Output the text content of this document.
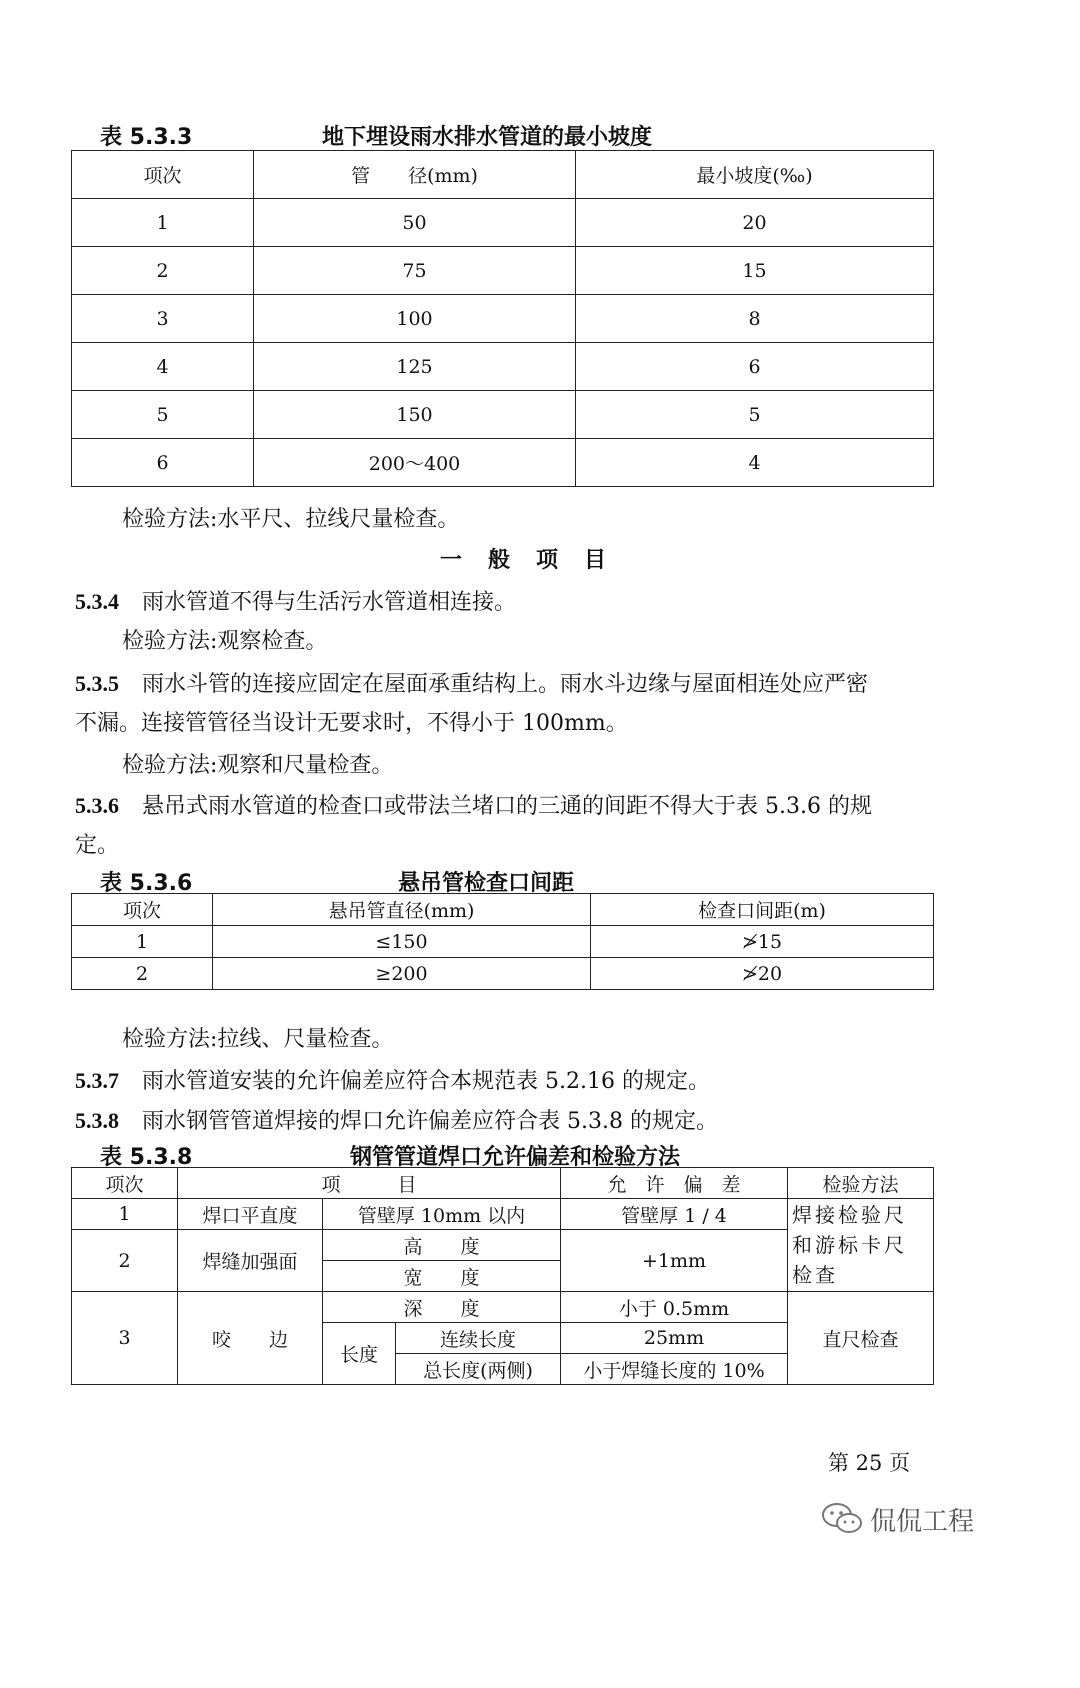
表 5.3.3	地下埋设雨水排水管道的最小坡度
项次	管　　径(mm)	最小坡度(‰)
1	50	20
2	75	15
3	100	8
4	125	6
5	150	5
6	200～400	4
检验方法:水平尺、拉线尺量检查。
一　般　项　目
5.3.4 雨水管道不得与生活污水管道相连接。
检验方法:观察检查。
5.3.5 雨水斗管的连接应固定在屋面承重结构上。雨水斗边缘与屋面相连处应严密
不漏。连接管管径当设计无要求时，不得小于 100mm。
检验方法:观察和尺量检查。
5.3.6 悬吊式雨水管道的检查口或带法兰堵口的三通的间距不得大于表 5.3.6 的规
定。
表 5.3.6	悬吊管检查口间距
项次	悬吊管直径(mm)	检查口间距(m)
1	≤150	≯15
2	≥200	≯20
检验方法:拉线、尺量检查。
5.3.7 雨水管道安装的允许偏差应符合本规范表 5.2.16 的规定。
5.3.8 雨水钢管管道焊接的焊口允许偏差应符合表 5.3.8 的规定。
表 5.3.8	钢管管道焊口允许偏差和检验方法
项次	项　　　目			允　许　偏　差	检验方法
1	焊口平直度	管壁厚 10mm 以内		管壁厚 1 / 4	焊接检验尺和游标卡尺检查
2	焊缝加强面	高　　度		+1mm	
		宽　　度			
3	咬　　边	深　　度		小于 0.5mm	直尺检查
		长度	连续长度	25mm	
			总长度(两侧)	小于焊缝长度的 10%	
第 25 页
侃侃工程
